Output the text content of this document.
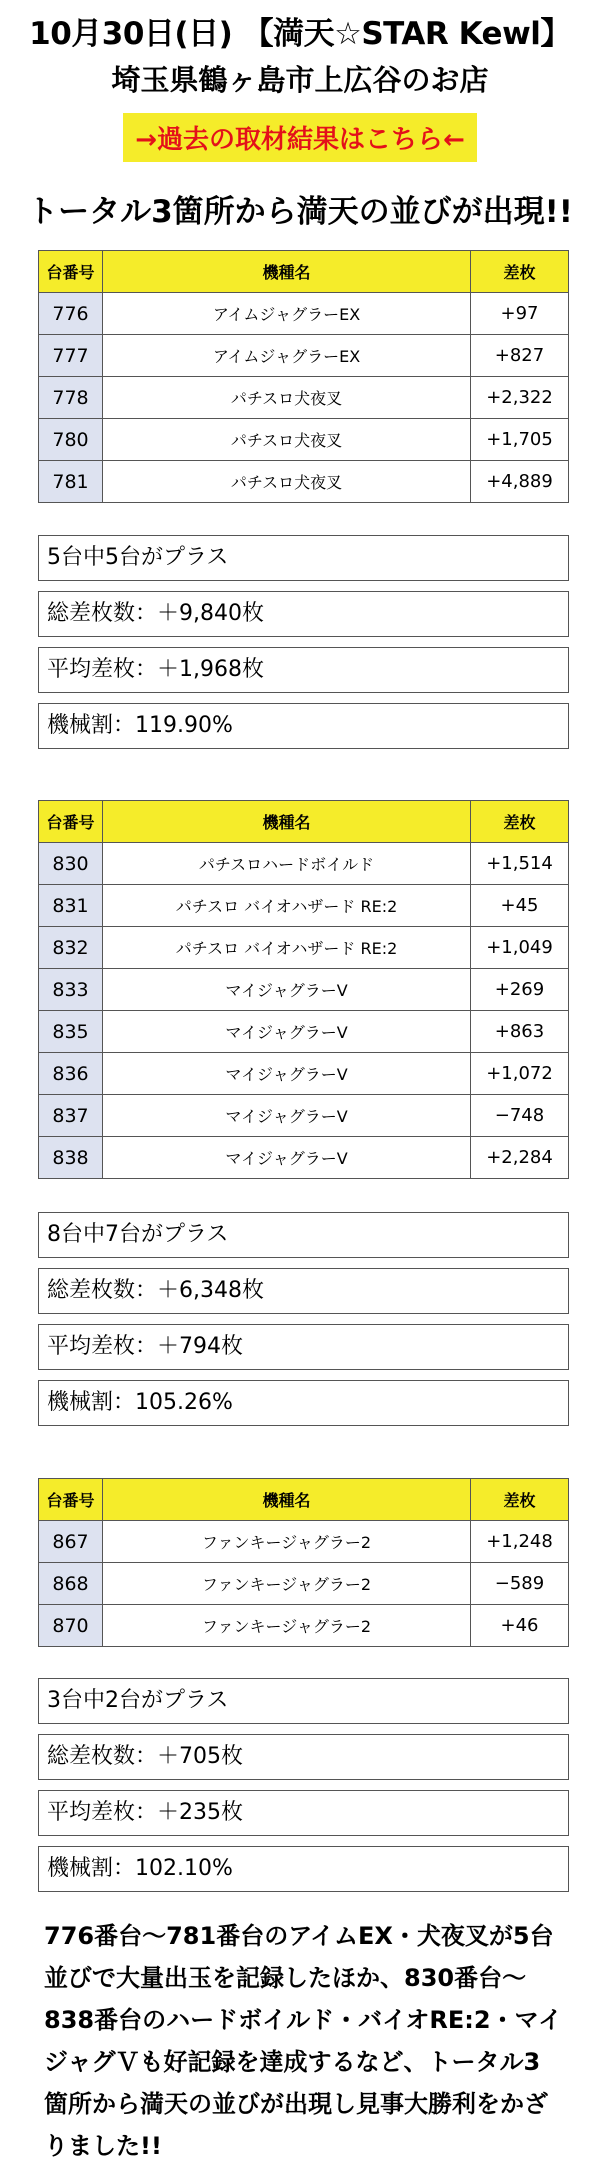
10月30日(日) 【満天☆STAR Kewl】
埼玉県鶴ヶ島市上広谷のお店
→過去の取材結果はこちら←
トータル3箇所から満天の並びが出現!!
台番号	機種名	差枚
776	アイムジャグラーEX	+97
777	アイムジャグラーEX	+827
778	パチスロ犬夜叉	+2,322
780	パチスロ犬夜叉	+1,705
781	パチスロ犬夜叉	+4,889
5台中5台がプラス
総差枚数：＋9,840枚
平均差枚：＋1,968枚
機械割：119.90%
台番号	機種名	差枚
830	パチスロハードボイルド	+1,514
831	パチスロ バイオハザード RE:2	+45
832	パチスロ バイオハザード RE:2	+1,049
833	マイジャグラーV	+269
835	マイジャグラーV	+863
836	マイジャグラーV	+1,072
837	マイジャグラーV	−748
838	マイジャグラーV	+2,284
8台中7台がプラス
総差枚数：＋6,348枚
平均差枚：＋794枚
機械割：105.26%
台番号	機種名	差枚
867	ファンキージャグラー2	+1,248
868	ファンキージャグラー2	−589
870	ファンキージャグラー2	+46
3台中2台がプラス
総差枚数：＋705枚
平均差枚：＋235枚
機械割：102.10%
776番台〜781番台のアイムEX・犬夜叉が5台並びで大量出玉を記録したほか、830番台〜838番台のハードボイルド・バイオRE:2・マイジャグＶも好記録を達成するなど、トータル3箇所から満天の並びが出現し見事大勝利をかざりました!!
